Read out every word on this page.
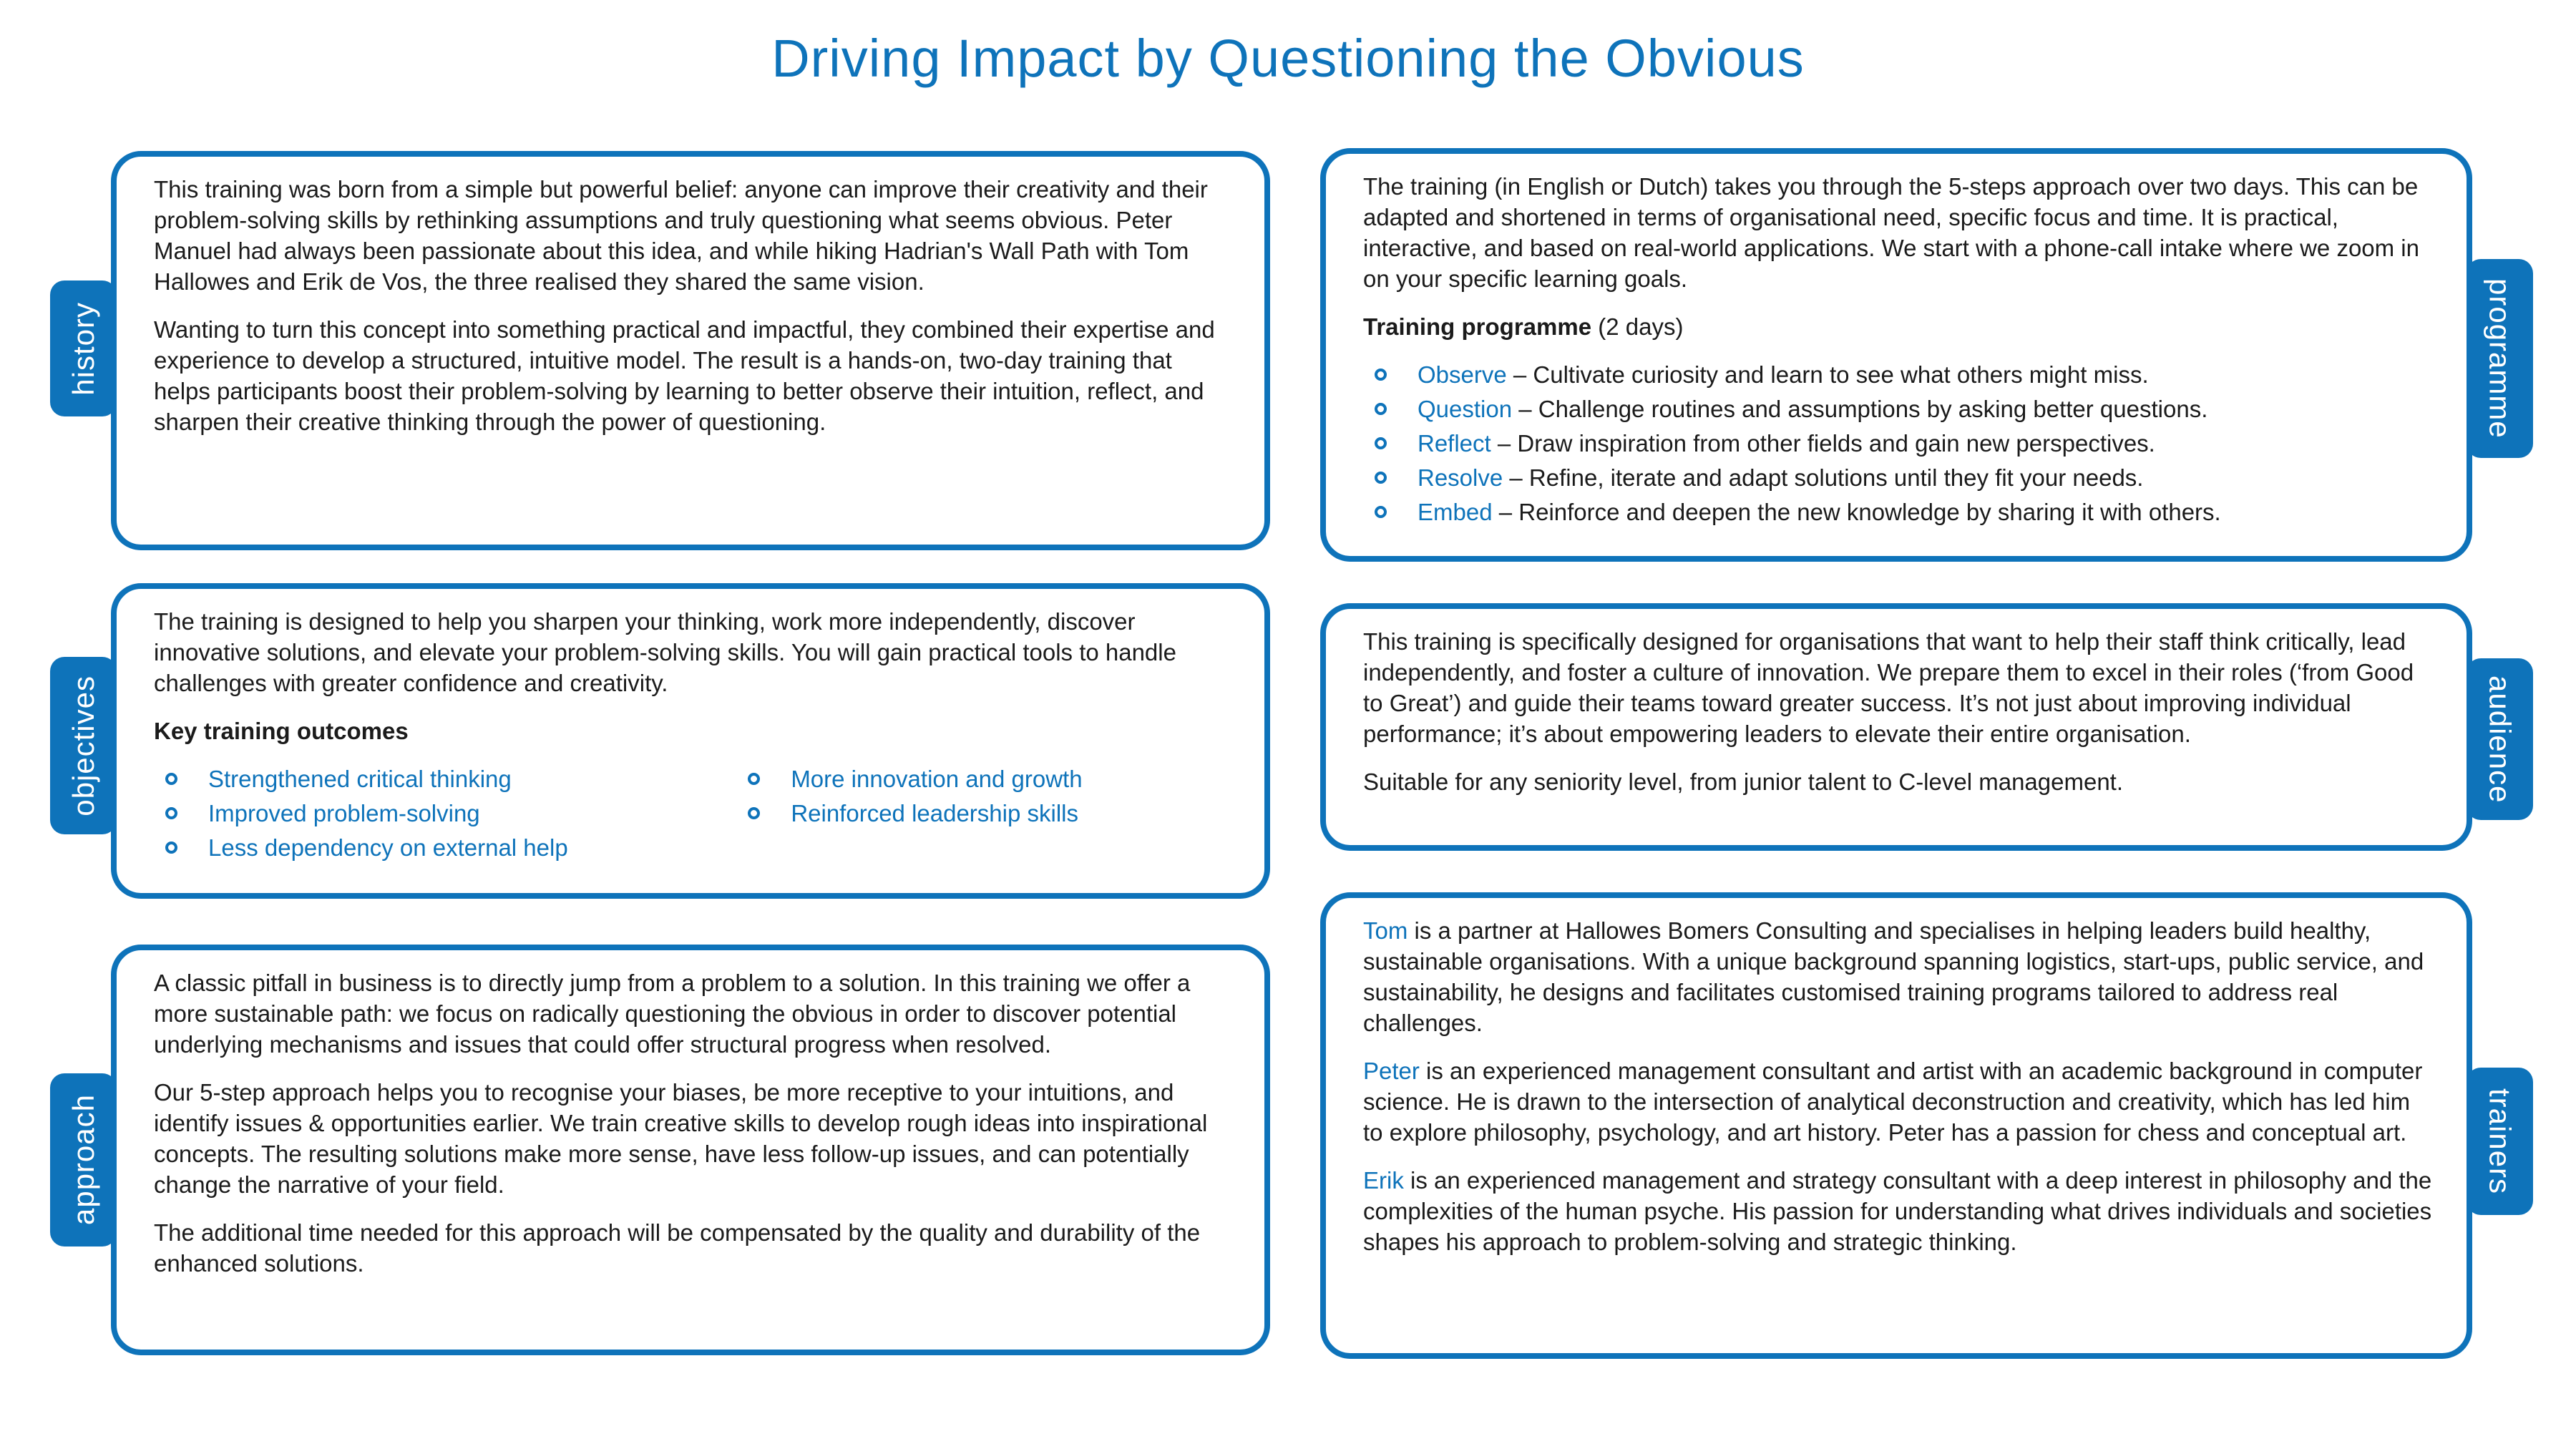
Driving Impact by Questioning the Obvious

This training was born from a simple but powerful belief: anyone can improve their creativity and their problem-solving skills by rethinking assumptions and truly questioning what seems obvious. Peter Manuel had always been passionate about this idea, and while hiking Hadrian's Wall Path with Tom Hallowes and Erik de Vos, the three realised they shared the same vision.

Wanting to turn this concept into something practical and impactful, they combined their expertise and experience to develop a structured, intuitive model. The result is a hands-on, two-day training that helps participants boost their problem-solving by learning to better observe their intuition, reflect, and sharpen their creative thinking through the power of questioning.

history

The training (in English or Dutch) takes you through the 5-steps approach over two days. This can be adapted and shortened in terms of organisational need, specific focus and time. It is practical, interactive, and based on real-world applications. We start with a phone-call intake where we zoom in on your specific learning goals.

Training programme (2 days)

Observe – Cultivate curiosity and learn to see what others might miss.
Question – Challenge routines and assumptions by asking better questions.
Reflect – Draw inspiration from other fields and gain new perspectives.
Resolve – Refine, iterate and adapt solutions until they fit your needs.
Embed – Reinforce and deepen the new knowledge by sharing it with others.
programme

The training is designed to help you sharpen your thinking, work more independently, discover innovative solutions, and elevate your problem-solving skills. You will gain practical tools to handle challenges with greater confidence and creativity.

Key training outcomes

Strengthened critical thinking
Improved problem-solving
Less dependency on external help
More innovation and growth
Reinforced leadership skills
objectives

This training is specifically designed for organisations that want to help their staff think critically, lead independently, and foster a culture of innovation. We prepare them to excel in their roles (‘from Good to Great’) and guide their teams toward greater success. It’s not just about improving individual performance; it’s about empowering leaders to elevate their entire organisation.

Suitable for any seniority level, from junior talent to C-level management.	audience

A classic pitfall in business is to directly jump from a problem to a solution. In this training we offer a more sustainable path: we focus on radically questioning the obvious in order to discover potential underlying mechanisms and issues that could offer structural progress when resolved.

Our 5-step approach helps you to recognise your biases, be more receptive to your intuitions, and identify issues & opportunities earlier. We train creative skills to develop rough ideas into inspirational concepts. The resulting solutions make more sense, have less follow-up issues, and can potentially change the narrative of your field.

The additional time needed for this approach will be compensated by the quality and durability of the enhanced solutions.

approach

Tom is a partner at Hallowes Bomers Consulting and specialises in helping leaders build healthy, sustainable organisations. With a unique background spanning logistics, start-ups, public service, and sustainability, he designs and facilitates customised training programs tailored to address real challenges.

Peter is an experienced management consultant and artist with an academic background in computer science. He is drawn to the intersection of analytical deconstruction and creativity, which has led him to explore philosophy, psychology, and art history. Peter has a passion for chess and conceptual art.

Erik is an experienced management and strategy consultant with a deep interest in philosophy and the complexities of the human psyche. His passion for understanding what drives individuals and societies shapes his approach to problem-solving and strategic thinking.

trainers
